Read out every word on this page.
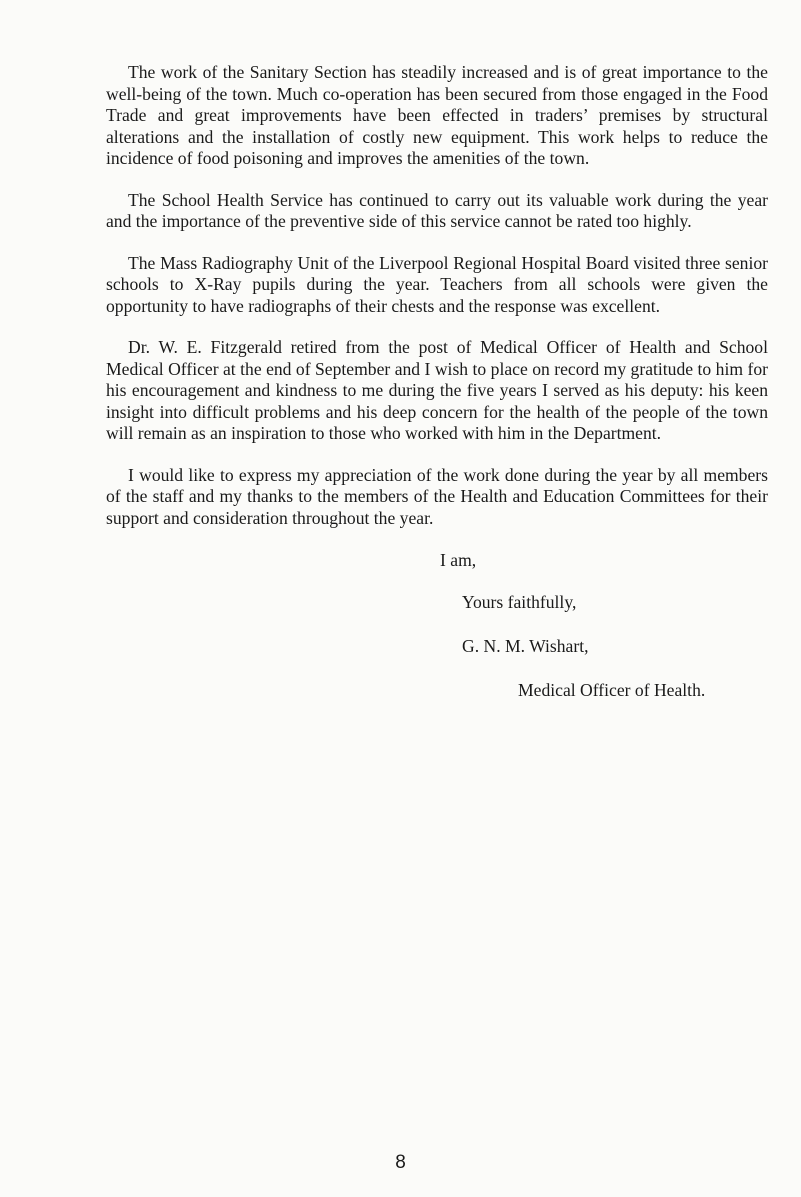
The work of the Sanitary Section has steadily increased and is of great importance to the well-being of the town. Much co-operation has been secured from those engaged in the Food Trade and great improvements have been effected in traders’ premises by structural alterations and the installation of costly new equipment. This work helps to reduce the incidence of food poisoning and improves the amenities of the town.

The School Health Service has continued to carry out its valuable work during the year and the importance of the preventive side of this service cannot be rated too highly.

The Mass Radiography Unit of the Liverpool Regional Hospital Board visited three senior schools to X-Ray pupils during the year. Teachers from all schools were given the opportunity to have radiographs of their chests and the response was excellent.

Dr. W. E. Fitzgerald retired from the post of Medical Officer of Health and School Medical Officer at the end of September and I wish to place on record my gratitude to him for his encouragement and kindness to me during the five years I served as his deputy: his keen insight into difficult problems and his deep concern for the health of the people of the town will remain as an inspiration to those who worked with him in the Department.

I would like to express my appreciation of the work done during the year by all members of the staff and my thanks to the members of the Health and Education Committees for their support and consideration throughout the year.

I am,
Yours faithfully,
G. N. M. Wishart,
Medical Officer of Health.
8
